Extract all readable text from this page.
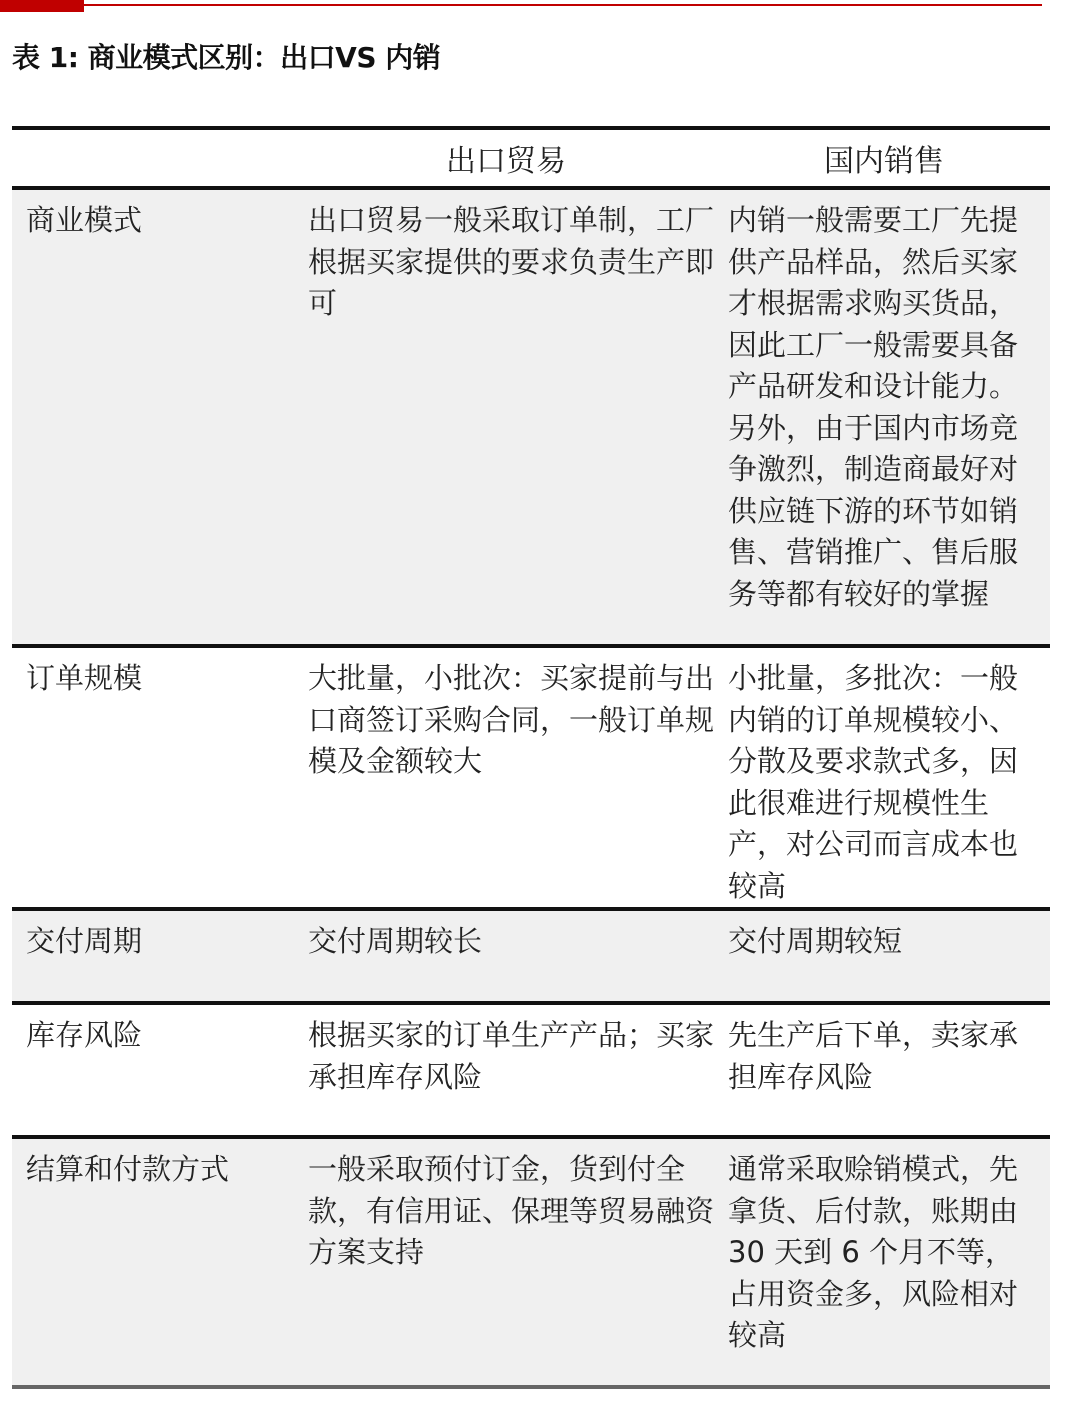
表 1: 商业模式区别：出口VS 内销
	出口贸易	国内销售
商业模式	出口贸易一般采取订单制，工厂根据买家提供的要求负责生产即可	内销一般需要工厂先提供产品样品，然后买家才根据需求购买货品，因此工厂一般需要具备产品研发和设计能力。另外，由于国内市场竞争激烈，制造商最好对供应链下游的环节如销售、营销推广、售后服务等都有较好的掌握
订单规模	大批量，小批次：买家提前与出口商签订采购合同，一般订单规模及金额较大	小批量，多批次：一般内销的订单规模较小、分散及要求款式多，因此很难进行规模性生产，对公司而言成本也较高
交付周期	交付周期较长	交付周期较短
库存风险	根据买家的订单生产产品；买家承担库存风险	先生产后下单，卖家承担库存风险
结算和付款方式	一般采取预付订金，货到付全款，有信用证、保理等贸易融资方案支持	通常采取赊销模式，先拿货、后付款，账期由30 天到 6 个月不等，占用资金多，风险相对较高
